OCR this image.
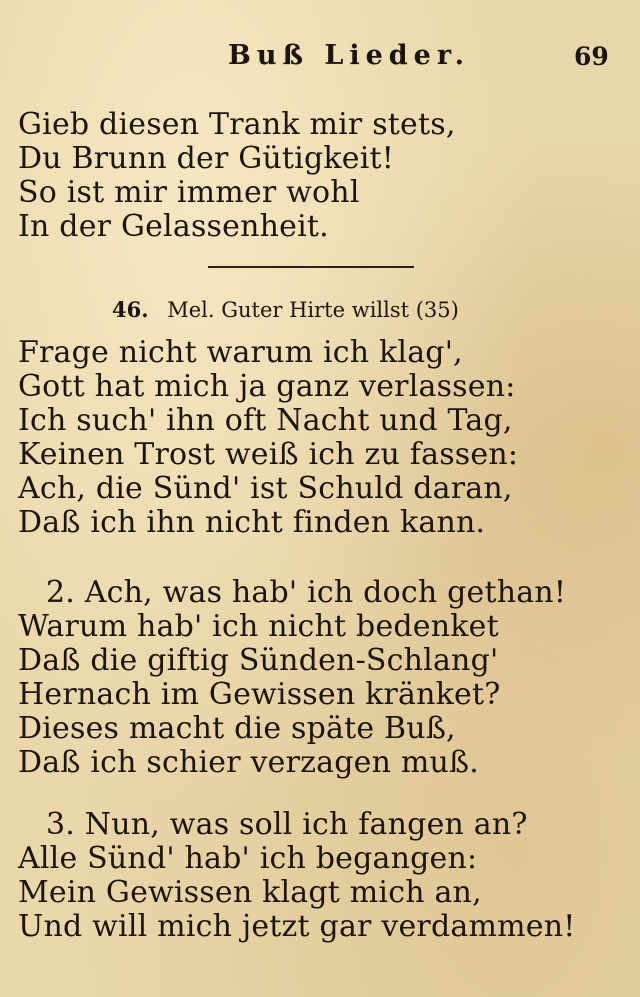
Buß Lieder.	69
Gieb diesen Trank mir stets,
Du Brunn der Gütigkeit!
So ist mir immer wohl
In der Gelassenheit.
46. Mel. Guter Hirte willst (35)
Frage nicht warum ich klag',
Gott hat mich ja ganz verlassen:
Ich such' ihn oft Nacht und Tag,
Keinen Trost weiß ich zu fassen:
Ach, die Sünd' ist Schuld daran,
Daß ich ihn nicht finden kann.
2. Ach, was hab' ich doch gethan!
Warum hab' ich nicht bedenket
Daß die giftig Sünden-Schlang'
Hernach im Gewissen kränket?
Dieses macht die späte Buß,
Daß ich schier verzagen muß.
3. Nun, was soll ich fangen an?
Alle Sünd' hab' ich begangen:
Mein Gewissen klagt mich an,
Und will mich jetzt gar verdammen!
